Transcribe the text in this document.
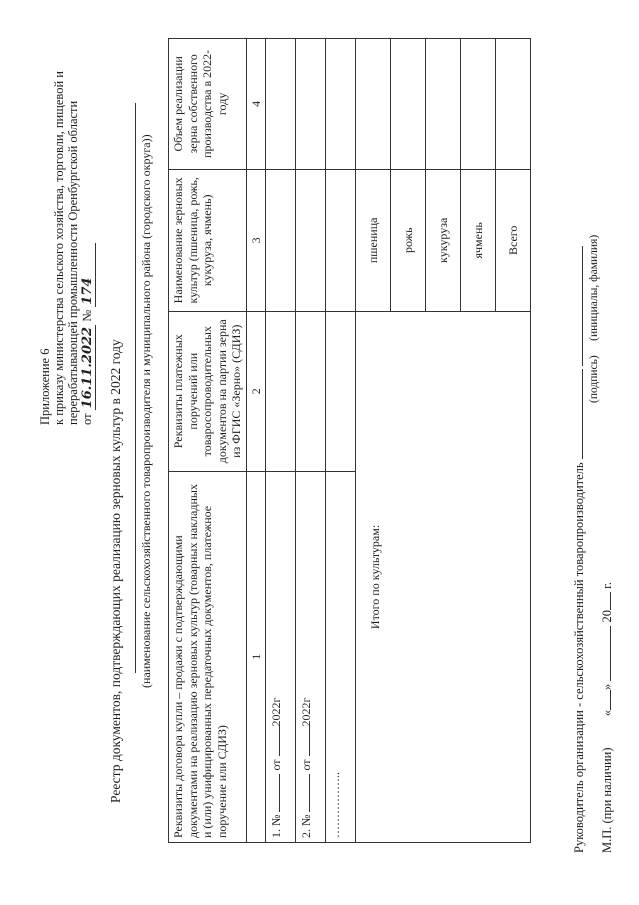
Приложение 6 к приказу министерства сельского хозяйства, торговли, пищевой и перерабатывающей промышленности Оренбургской области от 16.11.2022 № 174
Реестр документов, подтверждающих реализацию зерновых культур в 2022 году (наименование сельскохозяйственного товаропроизводителя и муниципального района (городского округа)) Реквизиты договора купли – продажи с подтверждающими документами на реализацию зерновых культур (товарных накладных и (или) унифицированных передаточных документов, платежное поручение или СДИЗ)	Реквизиты платежных поручений или товаросопроводительных документов на партии зерна из ФГИС «Зерно» (СДИЗ)	Наименование зерновых культур (пшеница, рожь, кукуруза, ячмень)	Объем реализации зерна собственного производства в 2022- году
1	2	3	4
1. №  от 2022г			
2. №  от 2022г			
……………..			
Итого по культурам:		пшеница	
		рожь	
		кукуруза	
		ячмень	
		Всего	
Руководитель организации - сельскохозяйственный товаропроизводитель
(подпись)     (инициалы, фамилия)
М.П. (при наличии)          «»  20 г.
